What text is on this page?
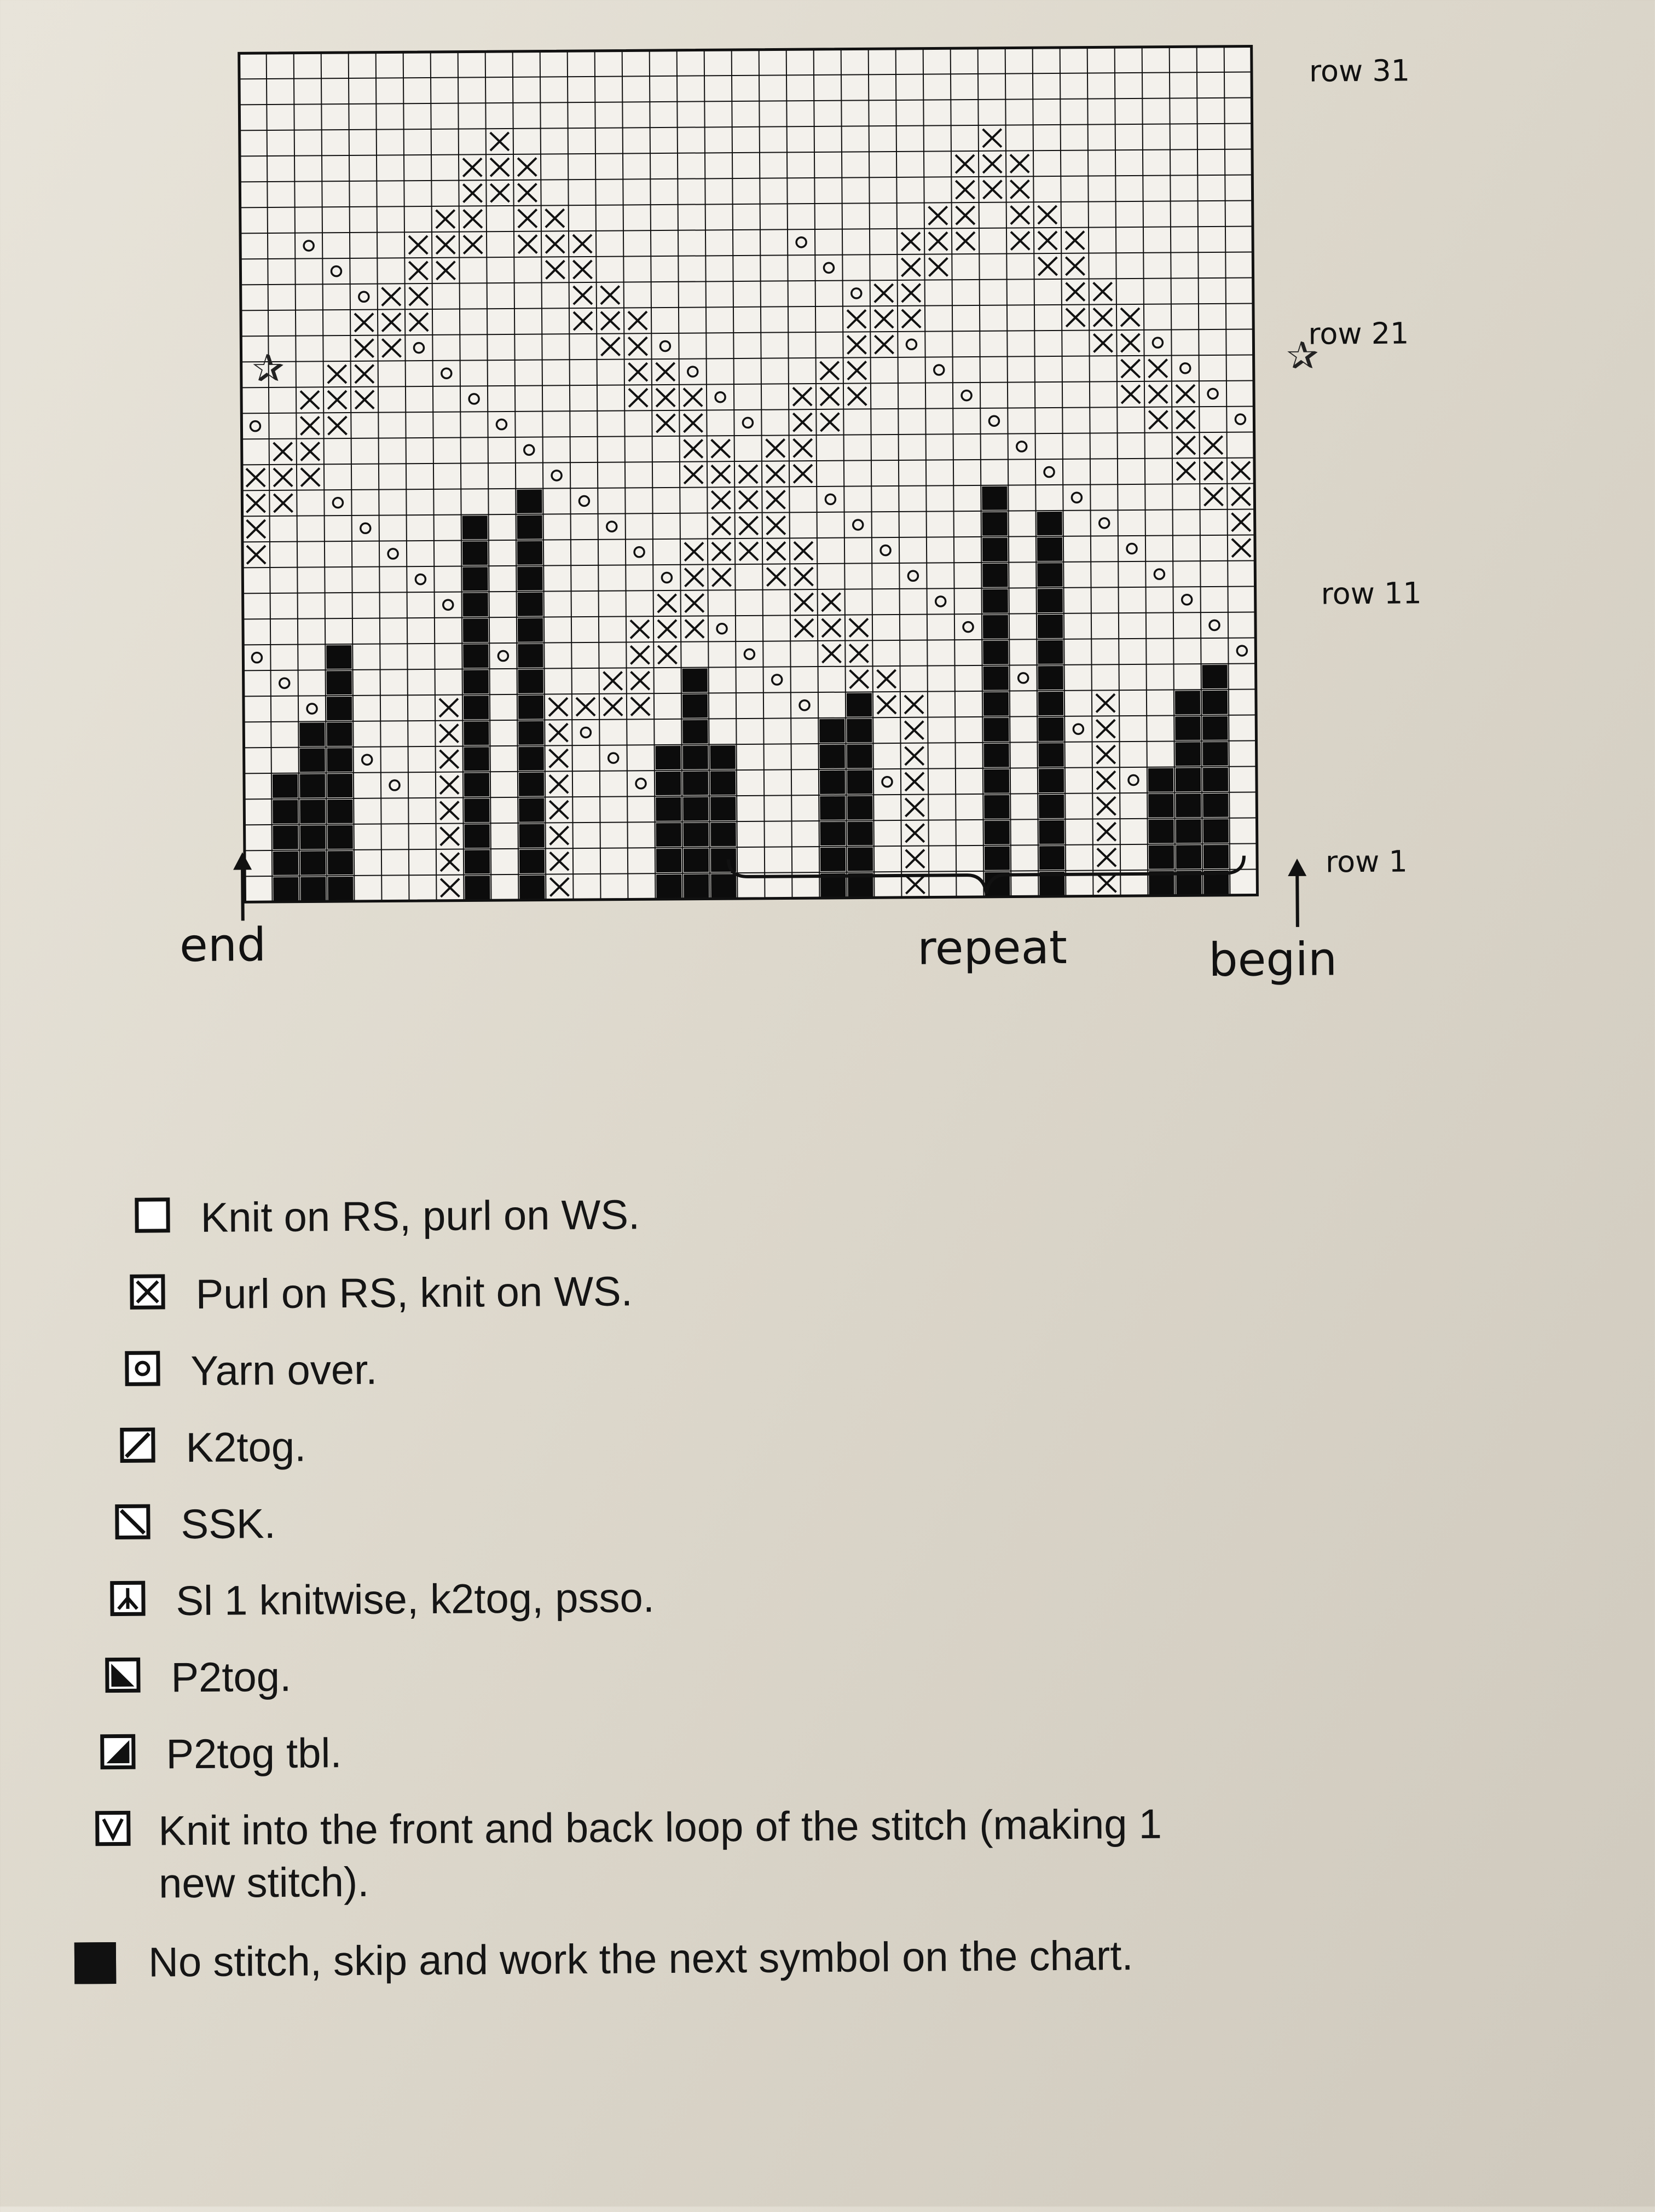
✰	✰
row 31
row 21
row 11
row 1
end	repeat	begin
Knit on RS, purl on WS.
Purl on RS, knit on WS.
Yarn over.
K2tog.
SSK.
Sl 1 knitwise, k2tog, psso.
P2tog.
P2tog tbl.
Knit into the front and back loop of the stitch (making 1 new stitch).
No stitch, skip and work the next symbol on the chart.
